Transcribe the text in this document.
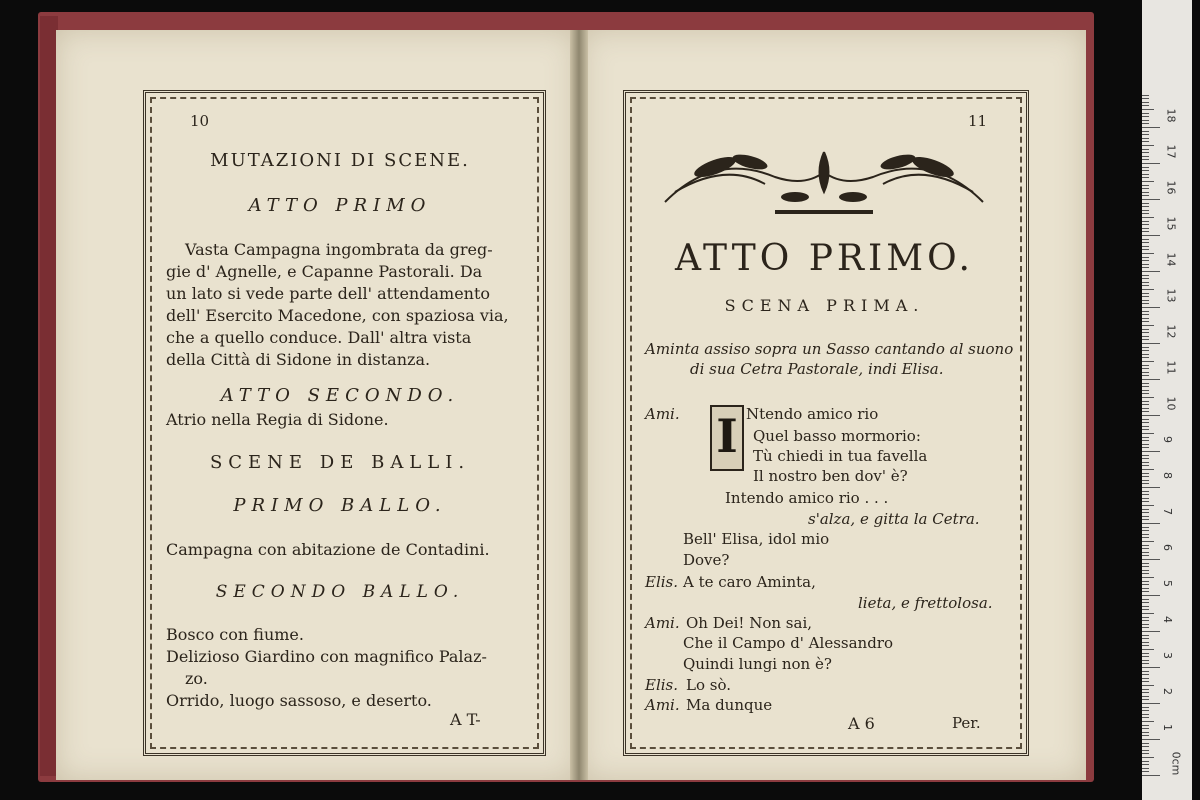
10
MUTAZIONI DI SCENE.
ATTO PRIMO
Vasta Campagna ingombrata da greg-
gie d' Agnelle, e Capanne Pastorali. Da
un lato si vede parte dell' attendamento
dell' Esercito Macedone, con spaziosa via,
che a quello conduce. Dall' altra vista
della Città di Sidone in distanza.
ATTO SECONDO.
Atrio nella Regia di Sidone.
SCENE DE BALLI.
PRIMO BALLO.
Campagna con abitazione de Contadini.
SECONDO BALLO.
Bosco con fiume.
Delizioso Giardino con magnifico Palaz-
zo.
Orrido, luogo sassoso, e deserto.
A T-
11
ATTO PRIMO.
SCENA PRIMA.
Aminta assiso sopra un Sasso cantando al suono
di sua Cetra Pastorale, indi Elisa.
Ami. I Ntendo amico rio
Quel basso mormorio:
Tù chiedi in tua favella
Il nostro ben dov' è?
Intendo amico rio . . .
s'alza, e gitta la Cetra.
Bell' Elisa, idol mio
Dove?
Elis. A te caro Aminta,
lieta, e frettolosa.
Ami. Oh Dei! Non sai,
Che il Campo d' Alessandro
Quindi lungi non è?
Elis. Lo sò.
Ami. Ma dunque
A 6	Per.
0cm
1
2
3
4
5
6
7
8
9
10
11
12
13
14
15
16
17
18
